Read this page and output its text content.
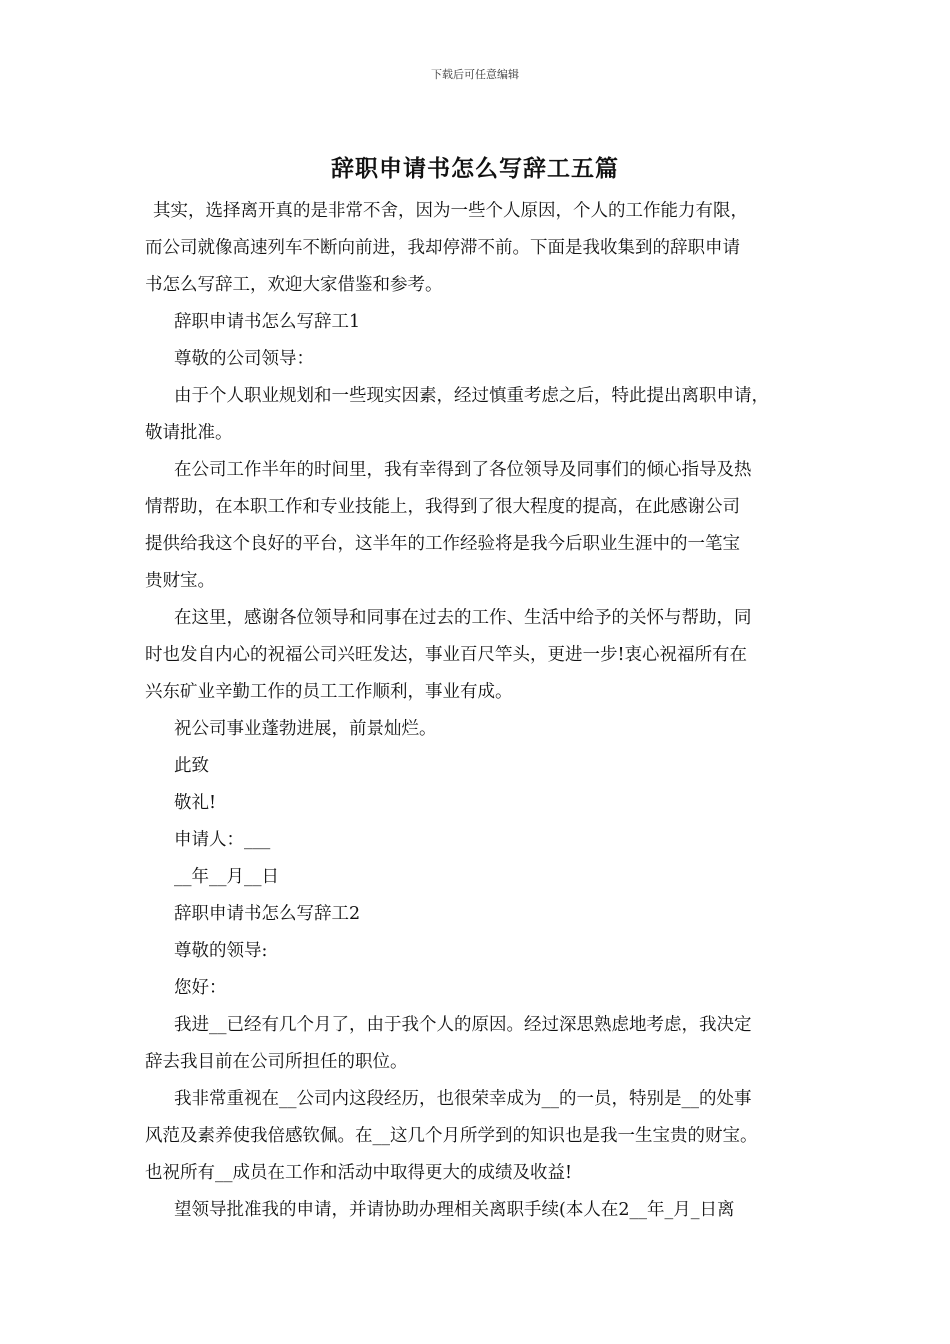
下载后可任意编辑
辞职申请书怎么写辞工五篇
其实，选择离开真的是非常不舍，因为一些个人原因，个人的工作能力有限，
而公司就像高速列车不断向前进，我却停滞不前。下面是我收集到的辞职申请
书怎么写辞工，欢迎大家借鉴和参考。
辞职申请书怎么写辞工1
尊敬的公司领导：
由于个人职业规划和一些现实因素，经过慎重考虑之后，特此提出离职申请，
敬请批准。
在公司工作半年的时间里，我有幸得到了各位领导及同事们的倾心指导及热
情帮助，在本职工作和专业技能上，我得到了很大程度的提高，在此感谢公司
提供给我这个良好的平台，这半年的工作经验将是我今后职业生涯中的一笔宝
贵财宝。
在这里，感谢各位领导和同事在过去的工作、生活中给予的关怀与帮助，同
时也发自内心的祝福公司兴旺发达，事业百尺竿头，更进一步!衷心祝福所有在
兴东矿业辛勤工作的员工工作顺利，事业有成。
祝公司事业蓬勃进展，前景灿烂。
此致
敬礼!
申请人：___
__年__月__日
辞职申请书怎么写辞工2
尊敬的领导:
您好：
我进__已经有几个月了，由于我个人的原因。经过深思熟虑地考虑，我决定
辞去我目前在公司所担任的职位。
我非常重视在__公司内这段经历，也很荣幸成为__的一员，特别是__的处事
风范及素养使我倍感钦佩。在__这几个月所学到的知识也是我一生宝贵的财宝。
也祝所有__成员在工作和活动中取得更大的成绩及收益!
望领导批准我的申请，并请协助办理相关离职手续(本人在2__年_月_日离
